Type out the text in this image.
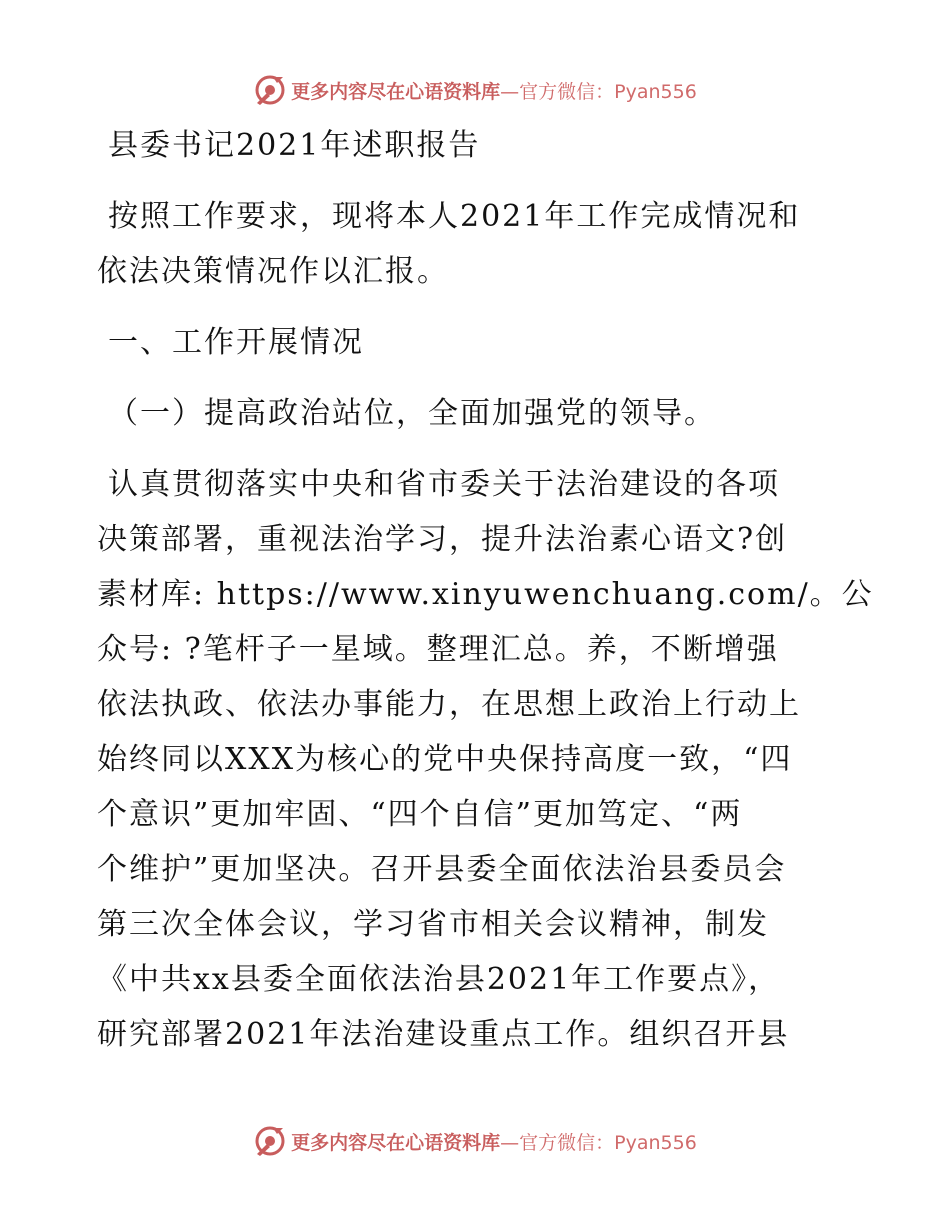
更多内容尽在心语资料库 —官方微信：Pyan556
县委书记2021年述职报告
按照工作要求，现将本人2021年工作完成情况和
依法决策情况作以汇报。
一、工作开展情况
（一）提高政治站位，全面加强党的领导。
认真贯彻落实中央和省市委关于法治建设的各项
决策部署，重视法治学习，提升法治素心语文?创
素材库: https://www.xinyuwenchuang.com/。公
众号: ?笔杆子一星域。整理汇总。养，不断增强
依法执政、依法办事能力，在思想上政治上行动上
始终同以XXX为核心的党中央保持高度一致，“四
个意识”更加牢固、“四个自信”更加笃定、“两
个维护”更加坚决。召开县委全面依法治县委员会
第三次全体会议，学习省市相关会议精神，制发
《中共xx县委全面依法治县2021年工作要点》，
研究部署2021年法治建设重点工作。组织召开县
更多内容尽在心语资料库 —官方微信：Pyan556
